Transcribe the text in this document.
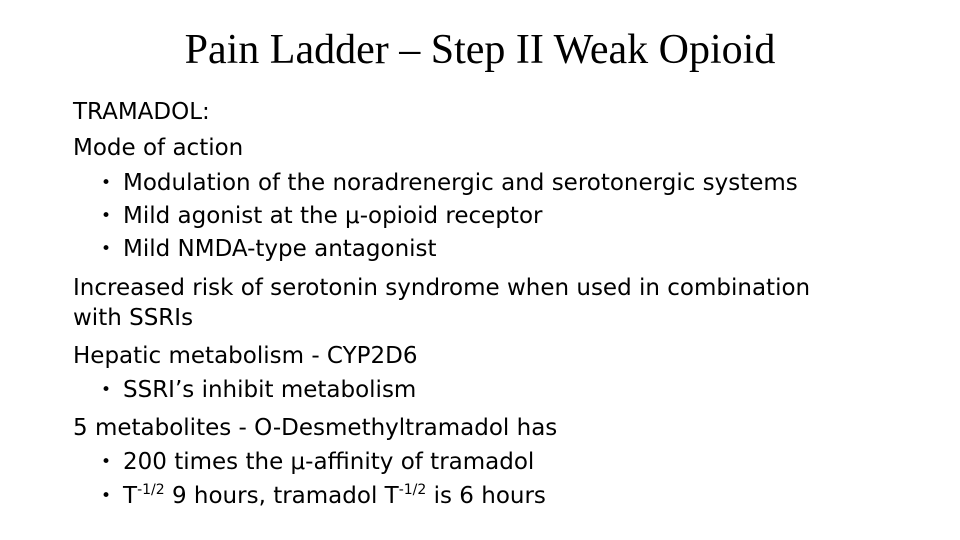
Pain Ladder – Step II Weak Opioid
TRAMADOL:
Mode of action
• Modulation of the noradrenergic and serotonergic systems
• Mild agonist at the μ-opioid receptor
• Mild NMDA-type antagonist
Increased risk of serotonin syndrome when used in combination
with SSRIs
Hepatic metabolism - CYP2D6
• SSRI’s inhibit metabolism
5 metabolites - O-Desmethyltramadol has
• 200 times the μ-affinity of tramadol
• $T^{-1/2}$ 9 hours, tramadol $T^{-1/2}$ is 6 hours
